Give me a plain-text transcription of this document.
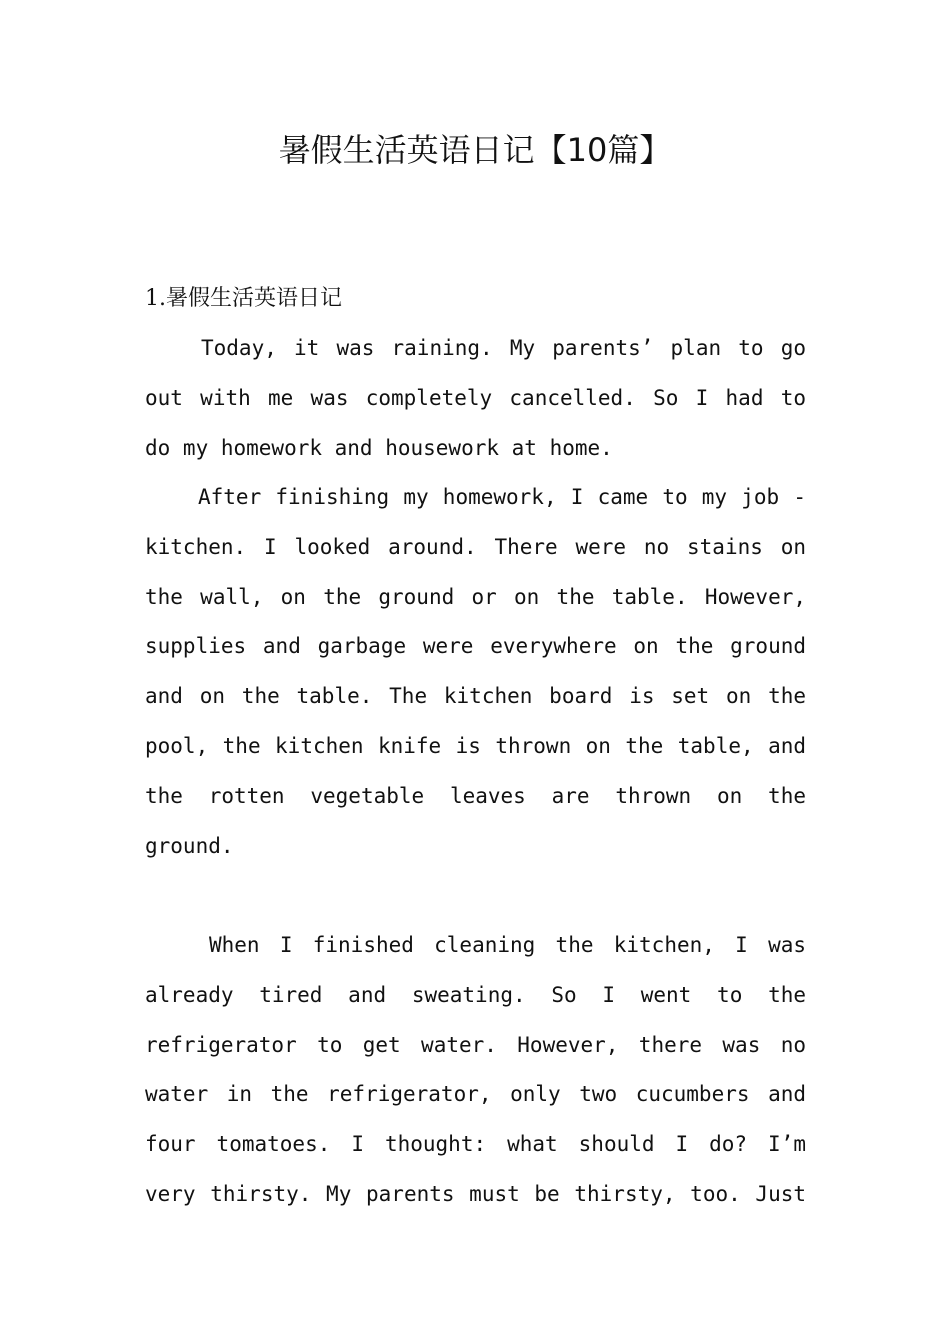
暑假生活英语日记【10篇】
1.暑假生活英语日记
Today, it was raining. My parents’ plan to go
out with me was completely cancelled. So I had to
do my homework and housework at home.
After finishing my homework, I came to my job -
kitchen. I looked around. There were no stains on
the wall, on the ground or on the table. However,
supplies and garbage were everywhere on the ground
and on the table. The kitchen board is set on the
pool, the kitchen knife is thrown on the table, and
the rotten vegetable leaves are thrown on the
ground.
When I finished cleaning the kitchen, I was
already tired and sweating. So I went to the
refrigerator to get water. However, there was no
water in the refrigerator, only two cucumbers and
four tomatoes. I thought: what should I do? I’m
very thirsty. My parents must be thirsty, too. Just
